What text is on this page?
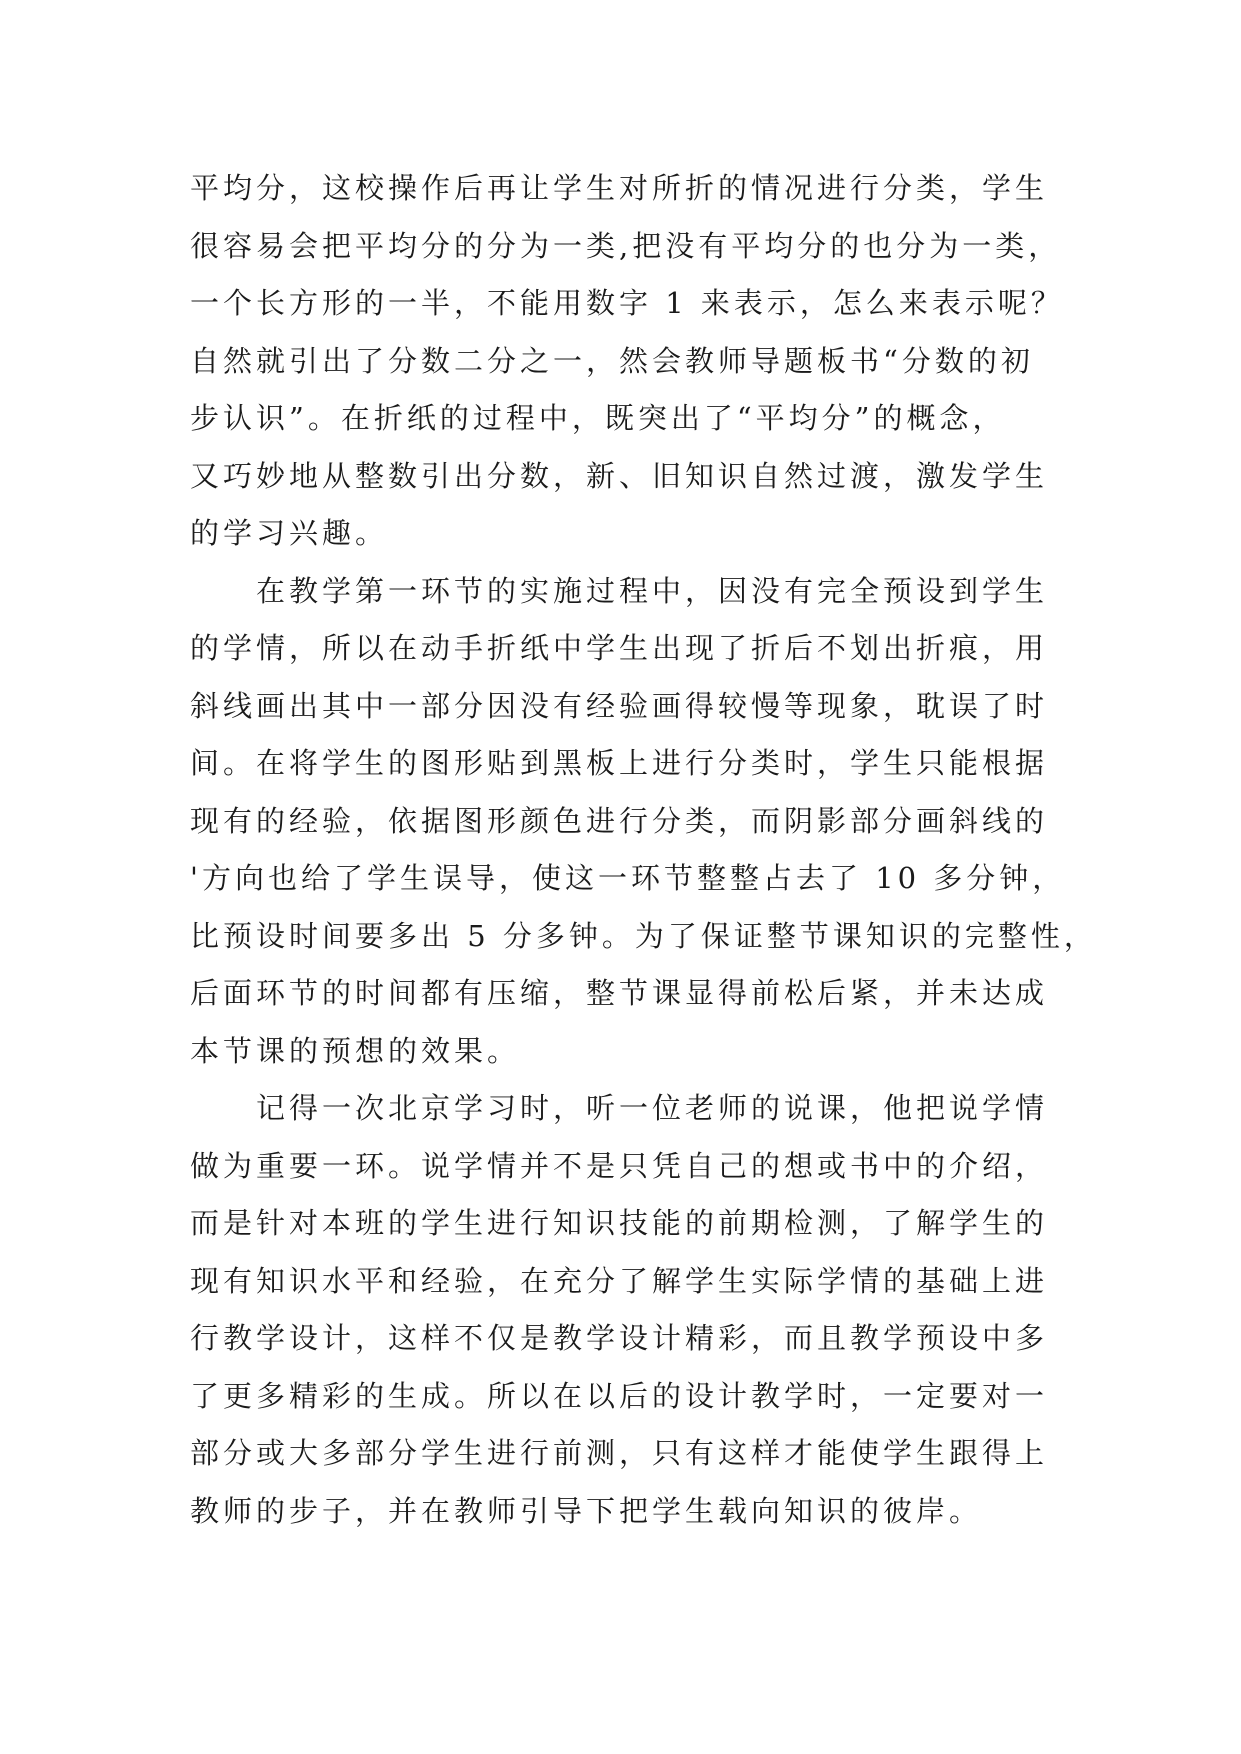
平均分，这校操作后再让学生对所折的情况进行分类，学生
很容易会把平均分的分为一类,把没有平均分的也分为一类，
一个长方形的一半，不能用数字 1 来表示，怎么来表示呢？
自然就引出了分数二分之一，然会教师导题板书“分数的初
步认识”。在折纸的过程中，既突出了“平均分”的概念，
又巧妙地从整数引出分数，新、旧知识自然过渡，激发学生
的学习兴趣。
在教学第一环节的实施过程中，因没有完全预设到学生
的学情，所以在动手折纸中学生出现了折后不划出折痕，用
斜线画出其中一部分因没有经验画得较慢等现象，耽误了时
间。在将学生的图形贴到黑板上进行分类时，学生只能根据
现有的经验，依据图形颜色进行分类，而阴影部分画斜线的
'方向也给了学生误导，使这一环节整整占去了 10 多分钟，
比预设时间要多出 5 分多钟。为了保证整节课知识的完整性，
后面环节的时间都有压缩，整节课显得前松后紧，并未达成
本节课的预想的效果。
记得一次北京学习时，听一位老师的说课，他把说学情
做为重要一环。说学情并不是只凭自己的想或书中的介绍，
而是针对本班的学生进行知识技能的前期检测，了解学生的
现有知识水平和经验，在充分了解学生实际学情的基础上进
行教学设计，这样不仅是教学设计精彩，而且教学预设中多
了更多精彩的生成。所以在以后的设计教学时，一定要对一
部分或大多部分学生进行前测，只有这样才能使学生跟得上
教师的步子，并在教师引导下把学生载向知识的彼岸。
